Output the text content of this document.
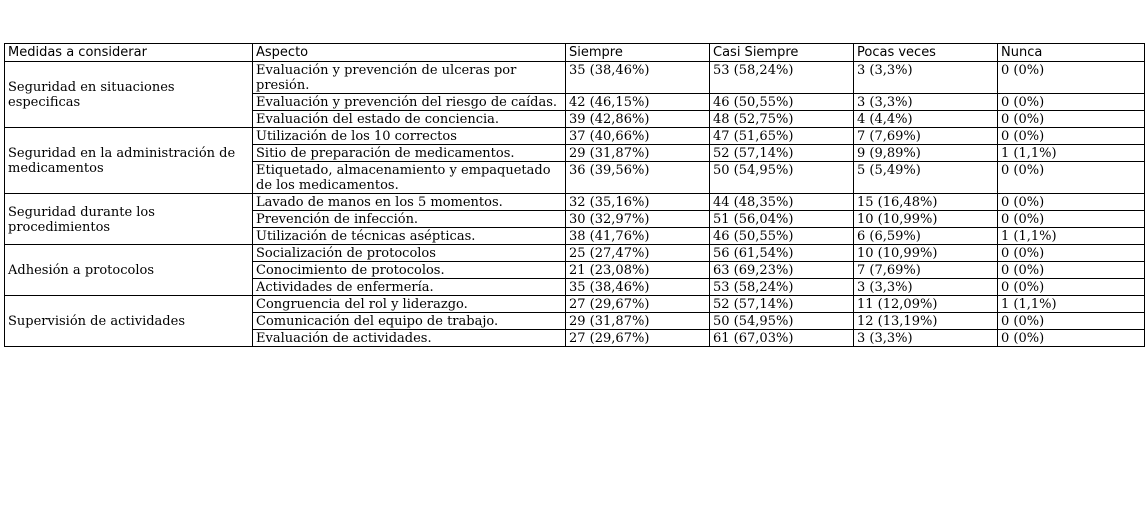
Medidas a considerar	Aspecto	Siempre	Casi Siempre	Pocas veces	Nunca
Seguridad en situaciones especificas	Evaluación y prevención de ulceras por presión.	35 (38,46%)	53 (58,24%)	3 (3,3%)	0 (0%)
	Evaluación y prevención del riesgo de caídas.	42 (46,15%)	46 (50,55%)	3 (3,3%)	0 (0%)
	Evaluación del estado de conciencia.	39 (42,86%)	48 (52,75%)	4 (4,4%)	0 (0%)
Seguridad en la administración de medicamentos	Utilización de los 10 correctos	37 (40,66%)	47 (51,65%)	7 (7,69%)	0 (0%)
	Sitio de preparación de medicamentos.	29 (31,87%)	52 (57,14%)	9 (9,89%)	1 (1,1%)
	Etiquetado, almacenamiento y empaquetado de los medicamentos.	36 (39,56%)	50 (54,95%)	5 (5,49%)	0 (0%)
Seguridad durante los procedimientos	Lavado de manos en los 5 momentos.	32 (35,16%)	44 (48,35%)	15 (16,48%)	0 (0%)
	Prevención de infección.	30 (32,97%)	51 (56,04%)	10 (10,99%)	0 (0%)
	Utilización de técnicas asépticas.	38 (41,76%)	46 (50,55%)	6 (6,59%)	1 (1,1%)
Adhesión a protocolos	Socialización de protocolos	25 (27,47%)	56 (61,54%)	10 (10,99%)	0 (0%)
	Conocimiento de protocolos.	21 (23,08%)	63 (69,23%)	7 (7,69%)	0 (0%)
	Actividades de enfermería.	35 (38,46%)	53 (58,24%)	3 (3,3%)	0 (0%)
Supervisión de actividades	Congruencia del rol y liderazgo.	27 (29,67%)	52 (57,14%)	11 (12,09%)	1 (1,1%)
	Comunicación del equipo de trabajo.	29 (31,87%)	50 (54,95%)	12 (13,19%)	0 (0%)
	Evaluación de actividades.	27 (29,67%)	61 (67,03%)	3 (3,3%)	0 (0%)
